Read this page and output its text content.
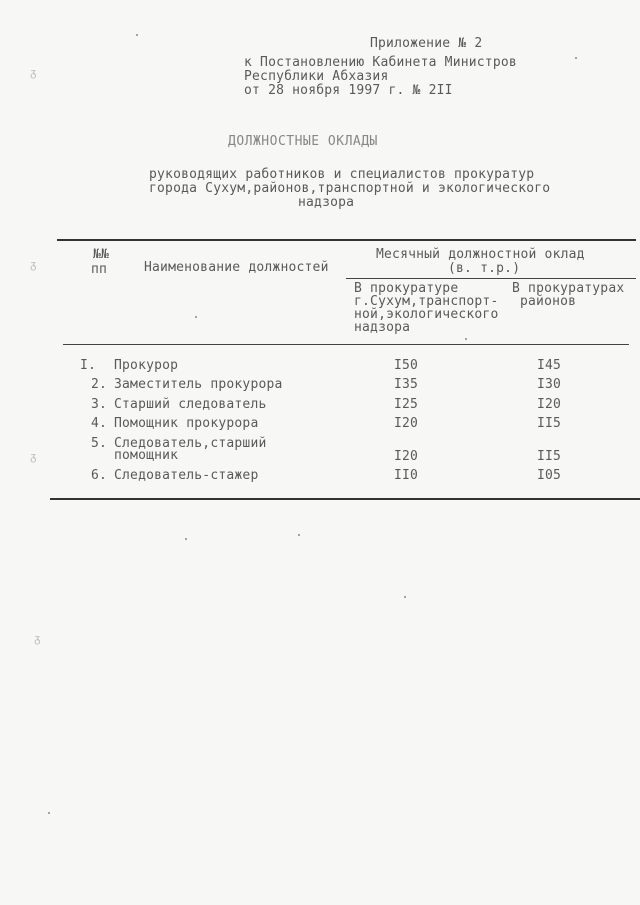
Приложение № 2
к Постановлению Кабинета Министров
Республики Абхазия
от 28 ноября 1997 г. № 2II
ДОЛЖНОСТНЫЕ ОКЛАДЫ
руководящих работников и специалистов прокуратур
города Сухум,районов,транспортной и экологического
надзора
№№
пп	Наименование должностей
Месячный должностной оклад
(в. т.р.)
В прокуратуре
г.Сухум,транспорт-
ной,экологического
надзора
В прокуратурах
районов
I. Прокурор	I50	I45
2. Заместитель прокурора	I35	I30
3. Старший следователь	I25	I20
4. Помощник прокурора	I20	II5
5. Следователь,старший
помощник	I20	II5
6. Следователь-стажер	II0	I05
ᵹ
ᵹ
ᵹ
ᵹ
